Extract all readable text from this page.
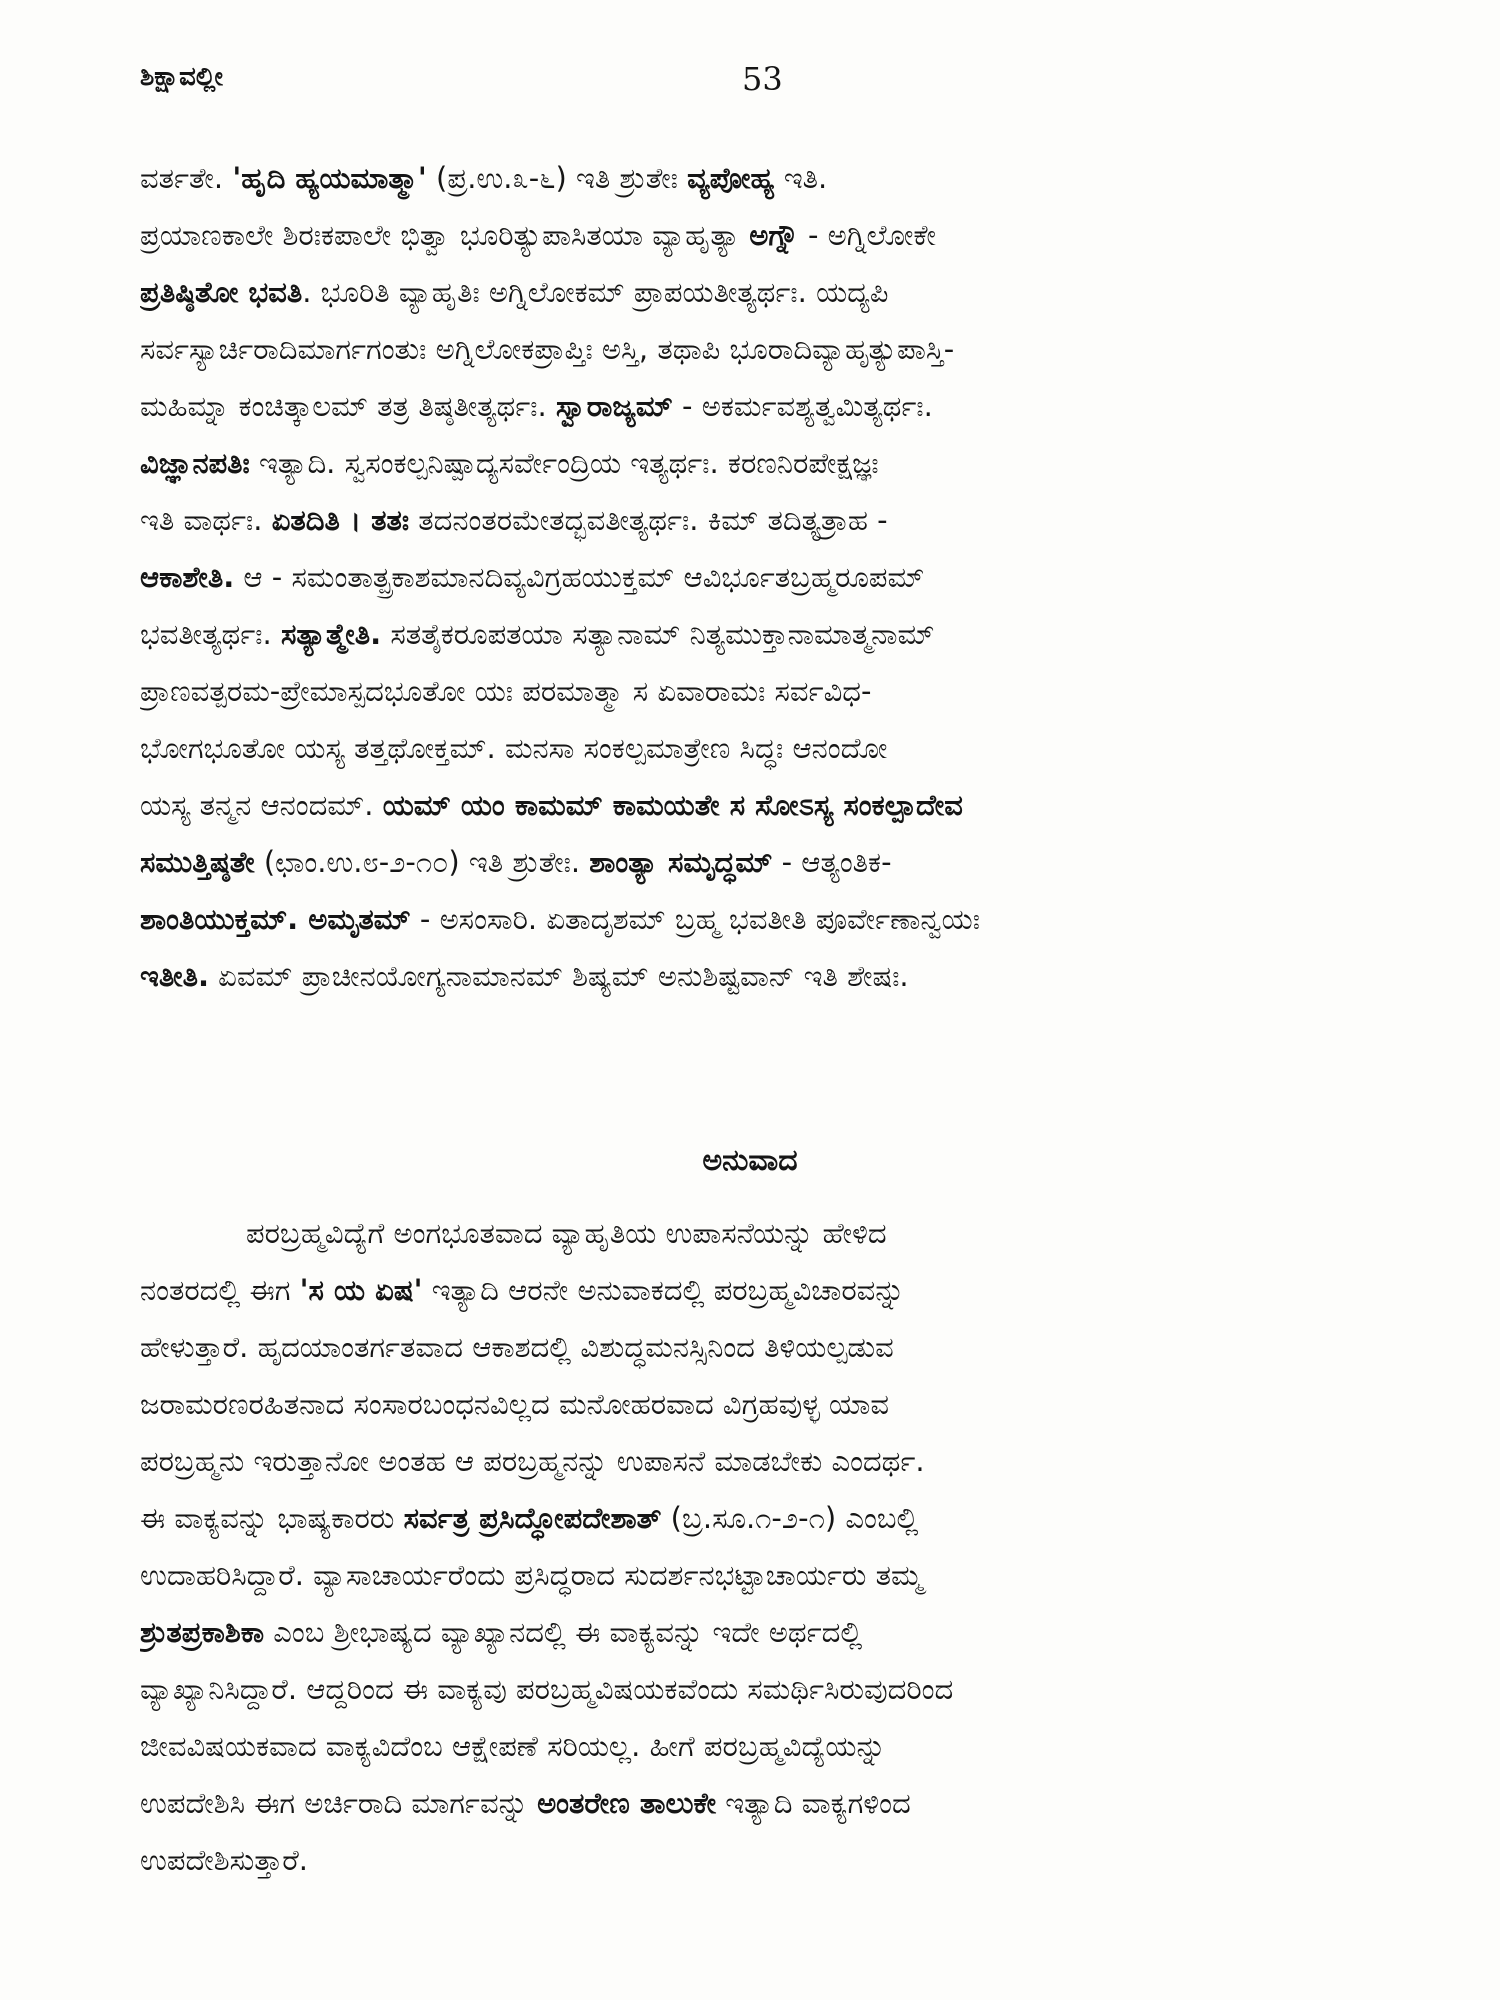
ಶಿಕ್ಷಾವಲ್ಲೀ	53
ವರ್ತತೇ. 'ಹೃದಿ ಹ್ಯಯಮಾತ್ಮಾ' (ಪ್ರ.ಉ.೩-೬) ಇತಿ ಶ್ರುತೇಃ ವ್ಯಪೋಹ್ಯ ಇತಿ.
ಪ್ರಯಾಣಕಾಲೇ ಶಿರಃಕಪಾಲೇ ಭಿತ್ವಾ ಭೂರಿತ್ಯುಪಾಸಿತಯಾ ವ್ಯಾಹೃತ್ಯಾ ಅಗ್ನೌ - ಅಗ್ನಿಲೋಕೇ
ಪ್ರತಿಷ್ಠಿತೋ ಭವತಿ. ಭೂರಿತಿ ವ್ಯಾಹೃತಿಃ ಅಗ್ನಿಲೋಕಮ್ ಪ್ರಾಪಯತೀತ್ಯರ್ಥಃ. ಯದ್ಯಪಿ
ಸರ್ವಸ್ಯಾರ್ಚಿರಾದಿಮಾರ್ಗಗಂತುಃ ಅಗ್ನಿಲೋಕಪ್ರಾಪ್ತಿಃ ಅಸ್ತಿ, ತಥಾಪಿ ಭೂರಾದಿವ್ಯಾಹೃತ್ಯುಪಾಸ್ತಿ-
ಮಹಿಮ್ನಾ ಕಂಚಿತ್ಕಾಲಮ್ ತತ್ರ ತಿಷ್ಠತೀತ್ಯರ್ಥಃ. ಸ್ವಾರಾಜ್ಯಮ್ - ಅಕರ್ಮವಶ್ಯತ್ವಮಿತ್ಯರ್ಥಃ.
ವಿಜ್ಞಾನಪತಿಃ ಇತ್ಯಾದಿ. ಸ್ವಸಂಕಲ್ಪನಿಷ್ಪಾದ್ಯಸರ್ವೇಂದ್ರಿಯ ಇತ್ಯರ್ಥಃ. ಕರಣನಿರಪೇಕ್ಷಜ್ಞಃ
ಇತಿ ವಾರ್ಥಃ. ಏತದಿತಿ । ತತಃ ತದನಂತರಮೇತದ್ಭವತೀತ್ಯರ್ಥಃ. ಕಿಮ್ ತದಿತ್ಯತ್ರಾಹ -
ಆಕಾಶೇತಿ. ಆ - ಸಮಂತಾತ್ಪ್ರಕಾಶಮಾನದಿವ್ಯವಿಗ್ರಹಯುಕ್ತಮ್ ಆವಿರ್ಭೂತಬ್ರಹ್ಮರೂಪಮ್
ಭವತೀತ್ಯರ್ಥಃ. ಸತ್ಯಾತ್ಮೇತಿ. ಸತತೈಕರೂಪತಯಾ ಸತ್ಯಾನಾಮ್ ನಿತ್ಯಮುಕ್ತಾನಾಮಾತ್ಮನಾಮ್
ಪ್ರಾಣವತ್ಪರಮ-ಪ್ರೇಮಾಸ್ಪದಭೂತೋ ಯಃ ಪರಮಾತ್ಮಾ ಸ ಏವಾರಾಮಃ ಸರ್ವವಿಧ-
ಭೋಗಭೂತೋ ಯಸ್ಯ ತತ್ತಥೋಕ್ತಮ್. ಮನಸಾ ಸಂಕಲ್ಪಮಾತ್ರೇಣ ಸಿದ್ಧಃ ಆನಂದೋ
ಯಸ್ಯ ತನ್ಮನ ಆನಂದಮ್. ಯಮ್ ಯಂ ಕಾಮಮ್ ಕಾಮಯತೇ ಸ ಸೋಽಸ್ಯ ಸಂಕಲ್ಪಾದೇವ
ಸಮುತ್ತಿಷ್ಠತೇ (ಛಾಂ.ಉ.೮-೨-೧೦) ಇತಿ ಶ್ರುತೇಃ. ಶಾಂತ್ಯಾ ಸಮೃದ್ಧಮ್ - ಆತ್ಯಂತಿಕ-
ಶಾಂತಿಯುಕ್ತಮ್. ಅಮೃತಮ್ - ಅಸಂಸಾರಿ. ಏತಾದೃಶಮ್ ಬ್ರಹ್ಮ ಭವತೀತಿ ಪೂರ್ವೇಣಾನ್ವಯಃ
ಇತೀತಿ. ಏವಮ್ ಪ್ರಾಚೀನಯೋಗ್ಯನಾಮಾನಮ್ ಶಿಷ್ಯಮ್ ಅನುಶಿಷ್ಟವಾನ್ ಇತಿ ಶೇಷಃ.
ಅನುವಾದ
ಪರಬ್ರಹ್ಮವಿದ್ಯೆಗೆ ಅಂಗಭೂತವಾದ ವ್ಯಾಹೃತಿಯ ಉಪಾಸನೆಯನ್ನು ಹೇಳಿದ
ನಂತರದಲ್ಲಿ ಈಗ 'ಸ ಯ ಏಷ' ಇತ್ಯಾದಿ ಆರನೇ ಅನುವಾಕದಲ್ಲಿ ಪರಬ್ರಹ್ಮವಿಚಾರವನ್ನು
ಹೇಳುತ್ತಾರೆ. ಹೃದಯಾಂತರ್ಗತವಾದ ಆಕಾಶದಲ್ಲಿ ವಿಶುದ್ಧಮನಸ್ಸಿನಿಂದ ತಿಳಿಯಲ್ಪಡುವ
ಜರಾಮರಣರಹಿತನಾದ ಸಂಸಾರಬಂಧನವಿಲ್ಲದ ಮನೋಹರವಾದ ವಿಗ್ರಹವುಳ್ಳ ಯಾವ
ಪರಬ್ರಹ್ಮನು ಇರುತ್ತಾನೋ ಅಂತಹ ಆ ಪರಬ್ರಹ್ಮನನ್ನು ಉಪಾಸನೆ ಮಾಡಬೇಕು ಎಂದರ್ಥ.
ಈ ವಾಕ್ಯವನ್ನು ಭಾಷ್ಯಕಾರರು ಸರ್ವತ್ರ ಪ್ರಸಿದ್ಧೋಪದೇಶಾತ್ (ಬ್ರ.ಸೂ.೧-೨-೧) ಎಂಬಲ್ಲಿ
ಉದಾಹರಿಸಿದ್ದಾರೆ. ವ್ಯಾಸಾಚಾರ್ಯರೆಂದು ಪ್ರಸಿದ್ಧರಾದ ಸುದರ್ಶನಭಟ್ಟಾಚಾರ್ಯರು ತಮ್ಮ
ಶ್ರುತಪ್ರಕಾಶಿಕಾ ಎಂಬ ಶ್ರೀಭಾಷ್ಯದ ವ್ಯಾಖ್ಯಾನದಲ್ಲಿ ಈ ವಾಕ್ಯವನ್ನು ಇದೇ ಅರ್ಥದಲ್ಲಿ
ವ್ಯಾಖ್ಯಾನಿಸಿದ್ದಾರೆ. ಆದ್ದರಿಂದ ಈ ವಾಕ್ಯವು ಪರಬ್ರಹ್ಮವಿಷಯಕವೆಂದು ಸಮರ್ಥಿಸಿರುವುದರಿಂದ
ಜೀವವಿಷಯಕವಾದ ವಾಕ್ಯವಿದೆಂಬ ಆಕ್ಷೇಪಣೆ ಸರಿಯಲ್ಲ. ಹೀಗೆ ಪರಬ್ರಹ್ಮವಿದ್ಯೆಯನ್ನು
ಉಪದೇಶಿಸಿ ಈಗ ಅರ್ಚಿರಾದಿ ಮಾರ್ಗವನ್ನು ಅಂತರೇಣ ತಾಲುಕೇ ಇತ್ಯಾದಿ ವಾಕ್ಯಗಳಿಂದ
ಉಪದೇಶಿಸುತ್ತಾರೆ.
